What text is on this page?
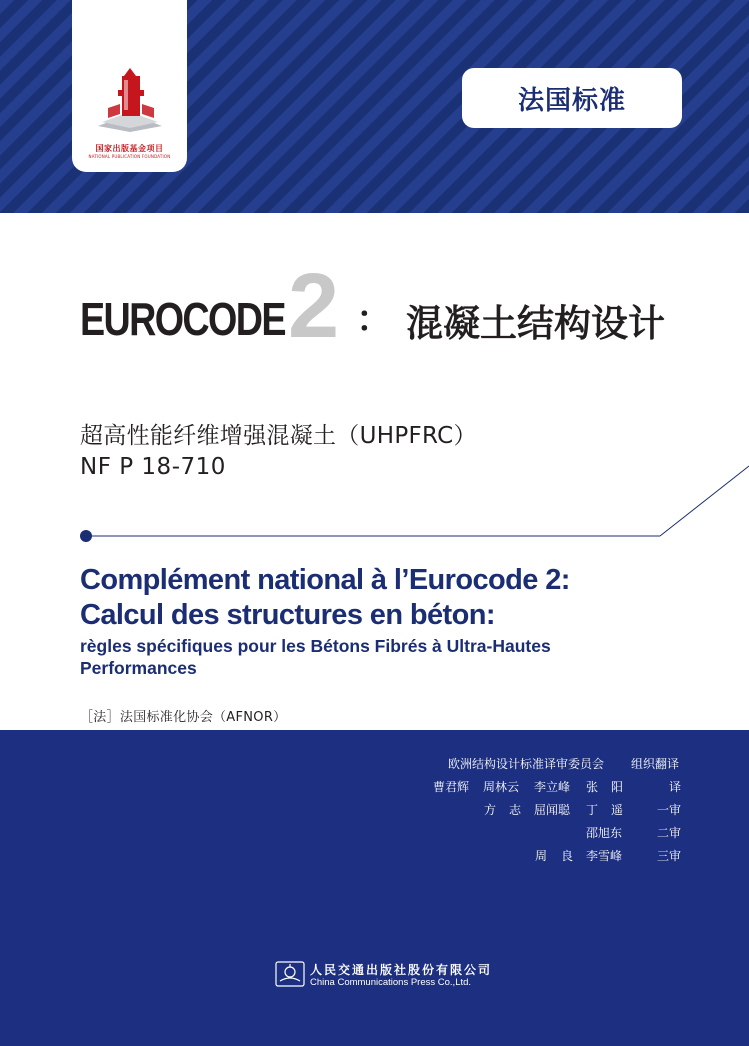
国家出版基金项目
NATIONAL PUBLICATION FOUNDATION
法国标准
EUROCODE 2 ： 混凝土结构设计
超高性能纤维增强混凝土（UHPFRC）
NF P 18-710
Complément national à l’Eurocode 2:
Calcul des structures en béton:
règles spécifiques pour les Bétons Fibrés à Ultra-Hautes
Performances
［法］法国标准化协会（AFNOR）
欧洲结构设计标准译审委员会 组织翻译
曹君辉 周林云 李立峰 张 阳	译
方 志 屈闻聪 丁 遥	一审
邵旭东	二审
周 良 李雪峰	三审
人民交通出版社股份有限公司
China Communications Press Co.,Ltd.
